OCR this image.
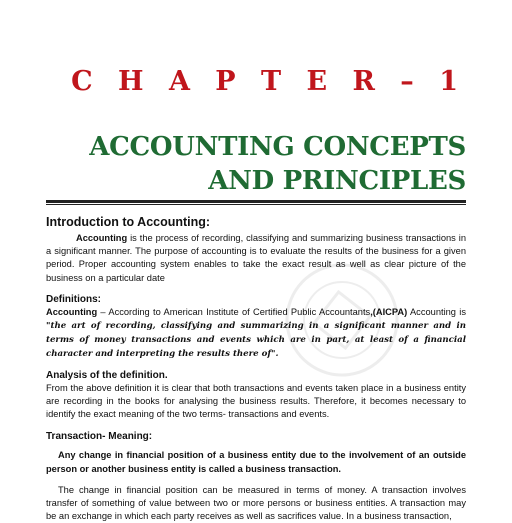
C H A P T E R – 1
ACCOUNTING CONCEPTS
AND PRINCIPLES
Introduction to Accounting:

Accounting is the process of recording, classifying and summarizing business transactions in a significant manner. The purpose of accounting is to evaluate the results of the business for a given period. Proper accounting system enables to take the exact result as well as clear picture of the business on a particular date

Definitions:

Accounting – According to American Institute of Certified Public Accountants,(AICPA) Accounting is "the art of recording, classifying and summarizing in a significant manner and in terms of money transactions and events which are in part, at least of a financial character and interpreting the results there of".

Analysis of the definition.

From the above definition it is clear that both transactions and events taken place in a business entity are recording in the books for analysing the business results. Therefore, it becomes necessary to identify the exact meaning of the two terms- transactions and events.

Transaction- Meaning:

Any change in financial position of a business entity due to the involvement of an outside person or another business entity is called a business transaction.

The change in financial position can be measured in terms of money. A transaction involves transfer of something of value between two or more persons or business entities. A transaction may be an exchange in which each party receives as well as sacrifices value. In a business transaction,
